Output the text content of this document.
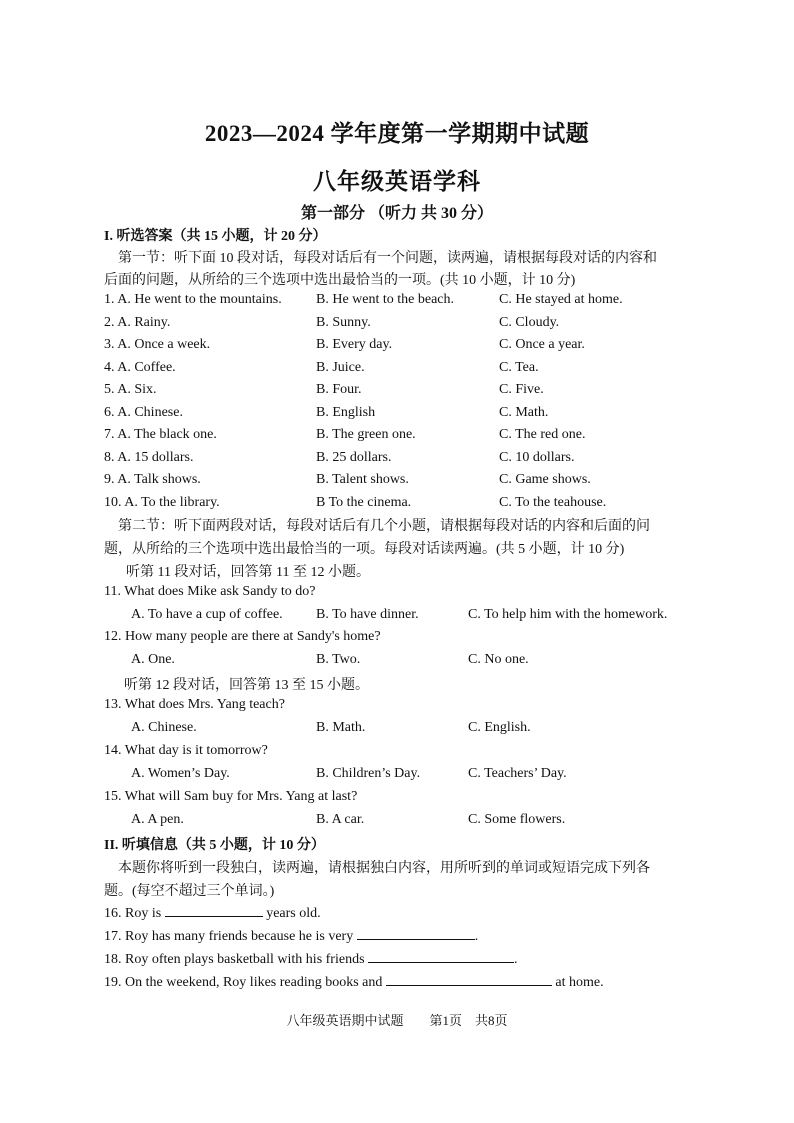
2023—2024 学年度第一学期期中试题
八年级英语学科
第一部分 （听力 共 30 分）
I. 听选答案（共 15 小题，计 20 分）
第一节：听下面 10 段对话，每段对话后有一个问题，读两遍，请根据每段对话的内容和
后面的问题，从所给的三个选项中选出最恰当的一项。(共 10 小题，计 10 分)
1. A. He went to the mountains. B. He went to the beach.	C. He stayed at home.
2. A. Rainy.	B. Sunny.	C. Cloudy.
3. A. Once a week.	B. Every day.	C. Once a year.
4. A. Coffee.	B. Juice.	C. Tea.
5. A. Six.	B. Four.	C. Five.
6. A. Chinese.	B. English	C. Math.
7. A. The black one.	B. The green one.	C. The red one.
8. A. 15 dollars.	B. 25 dollars.	C. 10 dollars.
9. A. Talk shows.	B. Talent shows.	C. Game shows.
10. A. To the library.	B To the cinema.	C. To the teahouse.
第二节：听下面两段对话，每段对话后有几个小题，请根据每段对话的内容和后面的问
题，从所给的三个选项中选出最恰当的一项。每段对话读两遍。(共 5 小题，计 10 分)
听第 11 段对话，回答第 11 至 12 小题。
11. What does Mike ask Sandy to do?
A. To have a cup of coffee. B. To have dinner.	C. To help him with the homework.
12. How many people are there at Sandy's home?
A. One.	B. Two.	C. No one.
听第 12 段对话，回答第 13 至 15 小题。
13. What does Mrs. Yang teach?
A. Chinese.	B. Math.	C. English.
14. What day is it tomorrow?
A. Women’s Day.	B. Children’s Day.	C. Teachers’ Day.
15. What will Sam buy for Mrs. Yang at last?
A. A pen.	B. A car.	C. Some flowers.
II. 听填信息（共 5 小题，计 10 分）
本题你将听到一段独白，读两遍，请根据独白内容，用所听到的单词或短语完成下列各
题。(每空不超过三个单词。)
16. Roy is	years old.
17. Roy has many friends because he is very	.
18. Roy often plays basketball with his friends	.
19. On the weekend, Roy likes reading books and	at home.
八年级英语期中试题　　第1页　共8页
